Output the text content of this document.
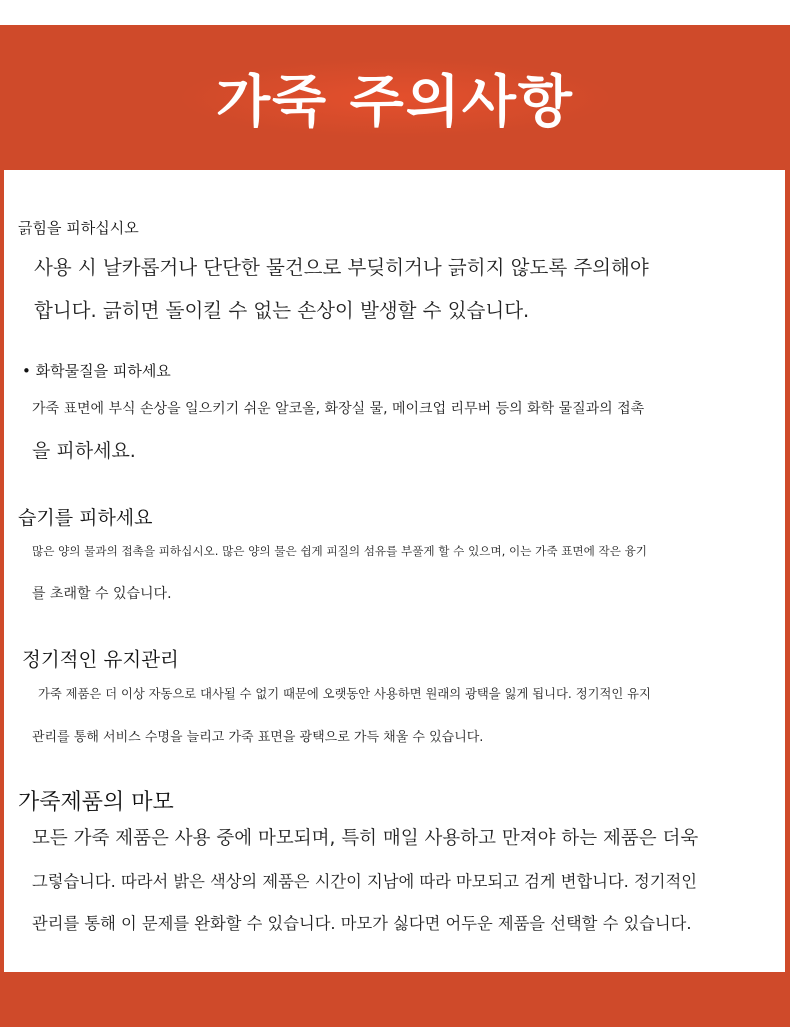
가죽 주의사항
긁힘을 피하십시오
사용 시 날카롭거나 단단한 물건으로 부딪히거나 긁히지 않도록 주의해야
합니다. 긁히면 돌이킬 수 없는 손상이 발생할 수 있습니다.
• 화학물질을 피하세요
가죽 표면에 부식 손상을 일으키기 쉬운 알코올, 화장실 물, 메이크업 리무버 등의 화학 물질과의 접촉
을 피하세요.
습기를 피하세요
많은 양의 물과의 접촉을 피하십시오. 많은 양의 물은 쉽게 피질의 섬유를 부풀게 할 수 있으며, 이는 가죽 표면에 작은 융기
를 초래할 수 있습니다.
정기적인 유지관리
가죽 제품은 더 이상 자동으로 대사될 수 없기 때문에 오랫동안 사용하면 원래의 광택을 잃게 됩니다. 정기적인 유지
관리를 통해 서비스 수명을 늘리고 가죽 표면을 광택으로 가득 채울 수 있습니다.
가죽제품의 마모
모든 가죽 제품은 사용 중에 마모되며, 특히 매일 사용하고 만져야 하는 제품은 더욱
그렇습니다. 따라서 밝은 색상의 제품은 시간이 지남에 따라 마모되고 검게 변합니다. 정기적인
관리를 통해 이 문제를 완화할 수 있습니다. 마모가 싫다면 어두운 제품을 선택할 수 있습니다.
